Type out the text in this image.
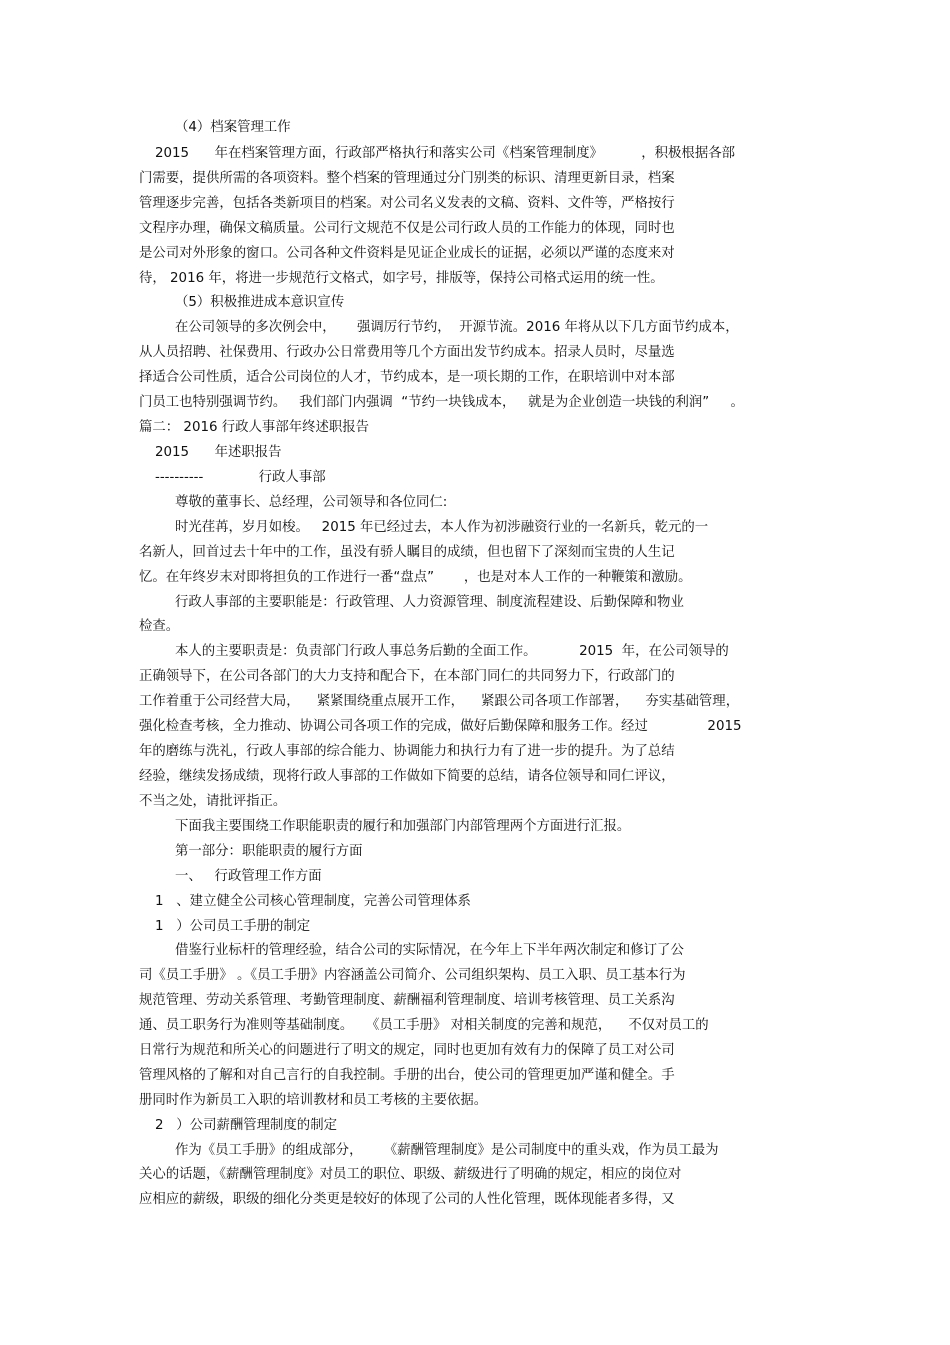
（4）档案管理工作
2015      年在档案管理方面，行政部严格执行和落实公司《档案管理制度》         ，积极根据各部
门需要，提供所需的各项资料。整个档案的管理通过分门别类的标识、清理更新目录，档案
管理逐步完善，包括各类新项目的档案。对公司名义发表的文稿、资料、文件等，严格按行
文程序办理，确保文稿质量。公司行文规范不仅是公司行政人员的工作能力的体现，同时也
是公司对外形象的窗口。公司各种文件资料是见证企业成长的证据，必须以严谨的态度来对
待， 2016 年，将进一步规范行文格式，如字号，排版等，保持公司格式运用的统一性。
（5）积极推进成本意识宣传
在公司领导的多次例会中，     强调厉行节约，  开源节流。2016 年将从以下几方面节约成本，
从人员招聘、社保费用、行政办公日常费用等几个方面出发节约成本。招录人员时，尽量选
择适合公司性质，适合公司岗位的人才，节约成本，是一项长期的工作，在职培训中对本部
门员工也特别强调节约。   我们部门内强调  “节约一块钱成本，   就是为企业创造一块钱的利润”     。
篇二： 2016 行政人事部年终述职报告
2015      年述职报告
----------             行政人事部
尊敬的董事长、总经理，公司领导和各位同仁:
时光荏苒，岁月如梭。   2015 年已经过去，本人作为初涉融资行业的一名新兵，乾元的一
名新人，回首过去十年中的工作，虽没有骄人瞩目的成绩，但也留下了深刻而宝贵的人生记
忆。在年终岁末对即将担负的工作进行一番“盘点”       ，也是对本人工作的一种鞭策和激励。
行政人事部的主要职能是：行政管理、人力资源管理、制度流程建设、后勤保障和物业
检查。
本人的主要职责是：负责部门行政人事总务后勤的全面工作。          2015  年，在公司领导的
正确领导下，在公司各部门的大力支持和配合下，在本部门同仁的共同努力下，行政部门的
工作着重于公司经营大局，    紧紧围绕重点展开工作，    紧跟公司各项工作部署，    夯实基础管理，
强化检查考核，全力推动、协调公司各项工作的完成，做好后勤保障和服务工作。经过              2015
年的磨练与洗礼，行政人事部的综合能力、协调能力和执行力有了进一步的提升。为了总结
经验，继续发扬成绩，现将行政人事部的工作做如下简要的总结，请各位领导和同仁评议，
不当之处，请批评指正。
下面我主要围绕工作职能职责的履行和加强部门内部管理两个方面进行汇报。
第一部分：职能职责的履行方面
一、   行政管理工作方面
1   、建立健全公司核心管理制度，完善公司管理体系
1   ）公司员工手册的制定
借鉴行业标杆的管理经验，结合公司的实际情况，在今年上下半年两次制定和修订了公
司《员工手册》 。《员工手册》内容涵盖公司简介、公司组织架构、员工入职、员工基本行为
规范管理、劳动关系管理、考勤管理制度、薪酬福利管理制度、培训考核管理、员工关系沟
通、员工职务行为准则等基础制度。   《员工手册》 对相关制度的完善和规范，    不仅对员工的
日常行为规范和所关心的问题进行了明文的规定，同时也更加有效有力的保障了员工对公司
管理风格的了解和对自己言行的自我控制。手册的出台，使公司的管理更加严谨和健全。手
册同时作为新员工入职的培训教材和员工考核的主要依据。
2   ）公司薪酬管理制度的制定
作为《员工手册》的组成部分，     《薪酬管理制度》是公司制度中的重头戏，作为员工最为
关心的话题，《薪酬管理制度》对员工的职位、职级、薪级进行了明确的规定，相应的岗位对
应相应的薪级，职级的细化分类更是较好的体现了公司的人性化管理，既体现能者多得，又
